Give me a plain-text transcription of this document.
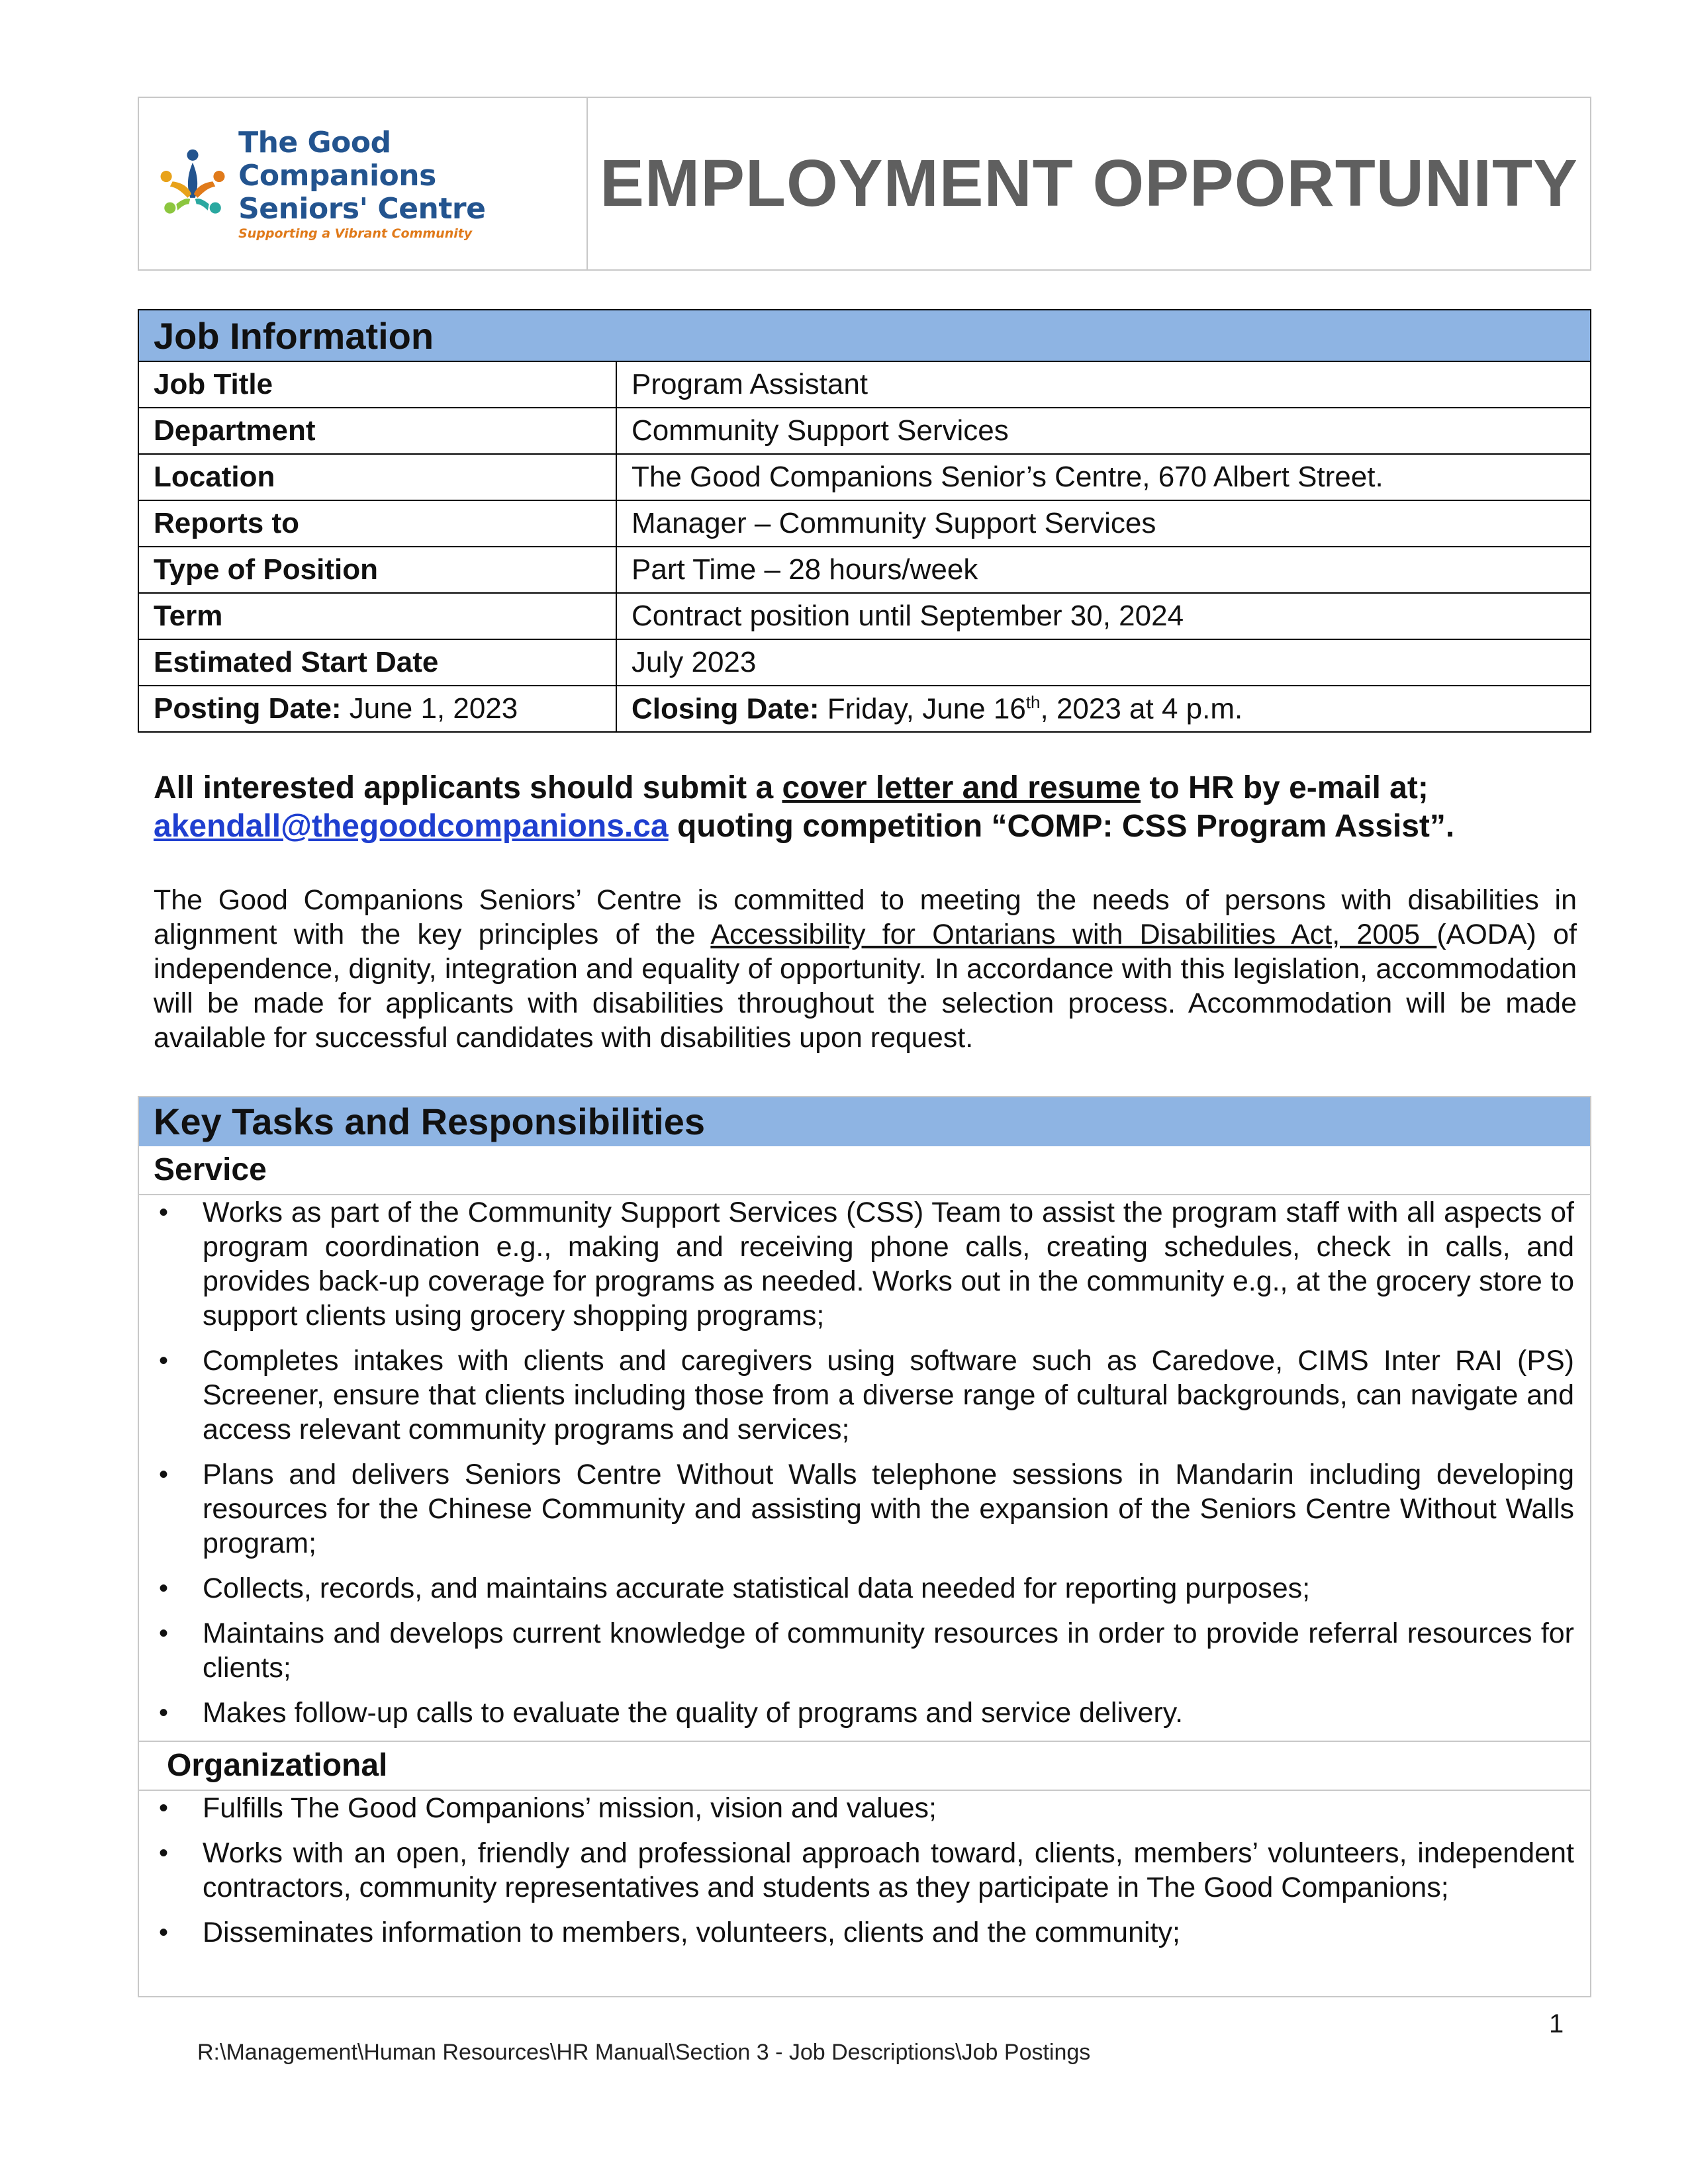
The Good Companions
Seniors' Centre
Supporting a Vibrant Community
EMPLOYMENT OPPORTUNITY
Job Information	
Job Title	Program Assistant
Department	Community Support Services
Location	The Good Companions Senior’s Centre, 670 Albert Street.
Reports to	Manager – Community Support Services
Type of Position	Part Time – 28 hours/week
Term	Contract position until September 30, 2024
Estimated Start Date	July 2023
Posting Date: June 1, 2023	Closing Date: Friday, June 16th, 2023 at 4 p.m.
All interested applicants should submit a cover letter and resume to HR by e-mail at;
akendall@thegoodcompanions.ca quoting competition “COMP: CSS Program Assist”.
The Good Companions Seniors’ Centre is committed to meeting the needs of persons with disabilities in alignment with the key principles of the Accessibility for Ontarians with Disabilities Act, 2005 (AODA) of independence, dignity, integration and equality of opportunity. In accordance with this legislation, accommodation will be made for applicants with disabilities throughout the selection process. Accommodation will be made available for successful candidates with disabilities upon request.
Key Tasks and Responsibilities
Service
• Works as part of the Community Support Services (CSS) Team to assist the program staff with all aspects of program coordination e.g., making and receiving phone calls, creating schedules, check in calls, and provides back-up coverage for programs as needed. Works out in the community e.g., at the grocery store to support clients using grocery shopping programs;
• Completes intakes with clients and caregivers using software such as Caredove, CIMS Inter RAI (PS) Screener, ensure that clients including those from a diverse range of cultural backgrounds, can navigate and access relevant community programs and services;
• Plans and delivers Seniors Centre Without Walls telephone sessions in Mandarin including developing resources for the Chinese Community and assisting with the expansion of the Seniors Centre Without Walls program;
• Collects, records, and maintains accurate statistical data needed for reporting purposes;
• Maintains and develops current knowledge of community resources in order to provide referral resources for clients;
• Makes follow-up calls to evaluate the quality of programs and service delivery.
Organizational
• Fulfills The Good Companions’ mission, vision and values;
• Works with an open, friendly and professional approach toward, clients, members’ volunteers, independent contractors, community representatives and students as they participate in The Good Companions;
• Disseminates information to members, volunteers, clients and the community;
1
R:\Management\Human Resources\HR Manual\Section 3 - Job Descriptions\Job Postings
